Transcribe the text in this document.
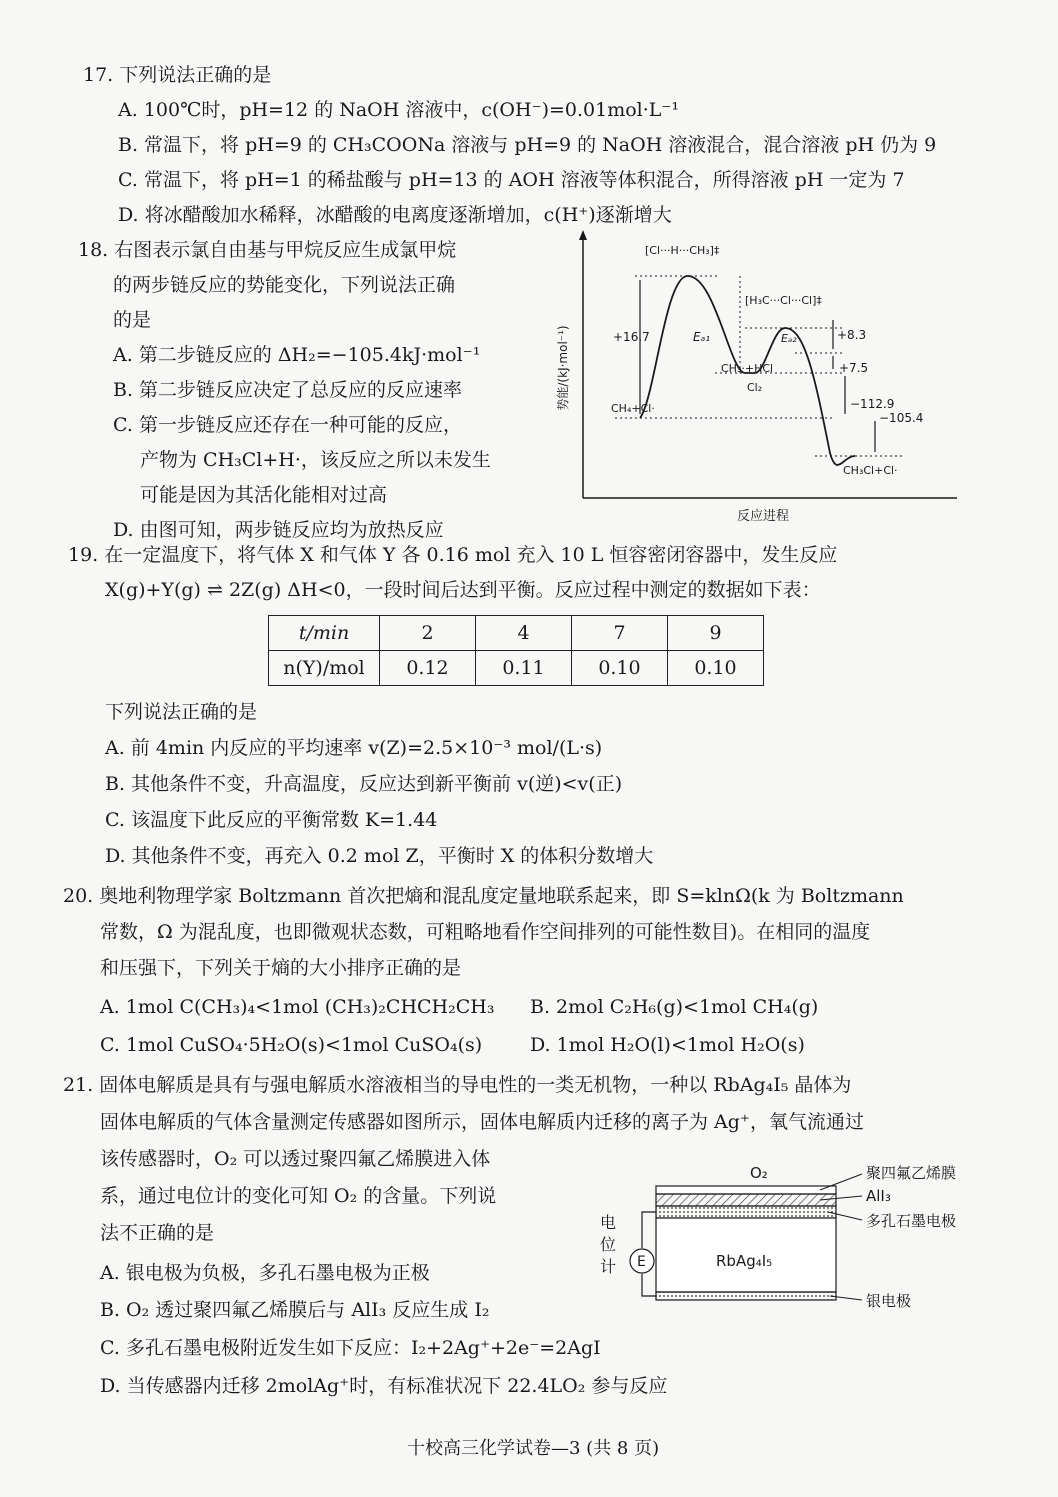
17. 下列说法正确的是
A. 100℃时，pH=12 的 NaOH 溶液中，c(OH⁻)=0.01mol·L⁻¹
B. 常温下，将 pH=9 的 CH₃COONa 溶液与 pH=9 的 NaOH 溶液混合，混合溶液 pH 仍为 9
C. 常温下，将 pH=1 的稀盐酸与 pH=13 的 AOH 溶液等体积混合，所得溶液 pH 一定为 7
D. 将冰醋酸加水稀释，冰醋酸的电离度逐渐增加，c(H⁺)逐渐增大
18. 右图表示氯自由基与甲烷反应生成氯甲烷
的两步链反应的势能变化，下列说法正确
的是
A. 第二步链反应的 ΔH₂=−105.4kJ·mol⁻¹
B. 第二步链反应决定了总反应的反应速率
C. 第一步链反应还存在一种可能的反应，
产物为 CH₃Cl+H·，该反应之所以未发生
可能是因为其活化能相对过高
D. 由图可知，两步链反应均为放热反应
势能/(kJ·mol⁻¹)
反应进程
[Cl···H···CH₃]‡
[H₃C···Cl···Cl]‡
+16.7	Eₐ₁	Eₐ₂	+8.3
CH₃·+HCl
Cl₂
+7.5
CH₄+Cl·	−112.9
−105.4
CH₃Cl+Cl·
19. 在一定温度下，将气体 X 和气体 Y 各 0.16 mol 充入 10 L 恒容密闭容器中，发生反应
X(g)+Y(g) ⇌ 2Z(g) ΔH<0，一段时间后达到平衡。反应过程中测定的数据如下表：
t/min	2	4	7	9
n(Y)/mol	0.12	0.11	0.10	0.10
下列说法正确的是
A. 前 4min 内反应的平均速率 v(Z)=2.5×10⁻³ mol/(L·s)
B. 其他条件不变，升高温度，反应达到新平衡前 v(逆)<v(正)
C. 该温度下此反应的平衡常数 K=1.44
D. 其他条件不变，再充入 0.2 mol Z，平衡时 X 的体积分数增大
20. 奥地利物理学家 Boltzmann 首次把熵和混乱度定量地联系起来，即 S=klnΩ(k 为 Boltzmann
常数，Ω 为混乱度，也即微观状态数，可粗略地看作空间排列的可能性数目)。在相同的温度
和压强下，下列关于熵的大小排序正确的是
A. 1mol C(CH₃)₄<1mol (CH₃)₂CHCH₂CH₃ B. 2mol C₂H₆(g)<1mol CH₄(g)
C. 1mol CuSO₄·5H₂O(s)<1mol CuSO₄(s)	D. 1mol H₂O(l)<1mol H₂O(s)
21. 固体电解质是具有与强电解质水溶液相当的导电性的一类无机物，一种以 RbAg₄I₅ 晶体为
固体电解质的气体含量测定传感器如图所示，固体电解质内迁移的离子为 Ag⁺，氧气流通过
该传感器时，O₂ 可以透过聚四氟乙烯膜进入体
系，通过电位计的变化可知 O₂ 的含量。下列说
法不正确的是
A. 银电极为负极，多孔石墨电极为正极
B. O₂ 透过聚四氟乙烯膜后与 AlI₃ 反应生成 I₂
C. 多孔石墨电极附近发生如下反应：I₂+2Ag⁺+2e⁻=2AgI
D. 当传感器内迁移 2molAg⁺时，有标准状况下 22.4LO₂ 参与反应
O₂
RbAg₄I₅
E
电
位
计
聚四氟乙烯膜
AlI₃
多孔石墨电极
银电极
十校高三化学试卷—3 (共 8 页)
